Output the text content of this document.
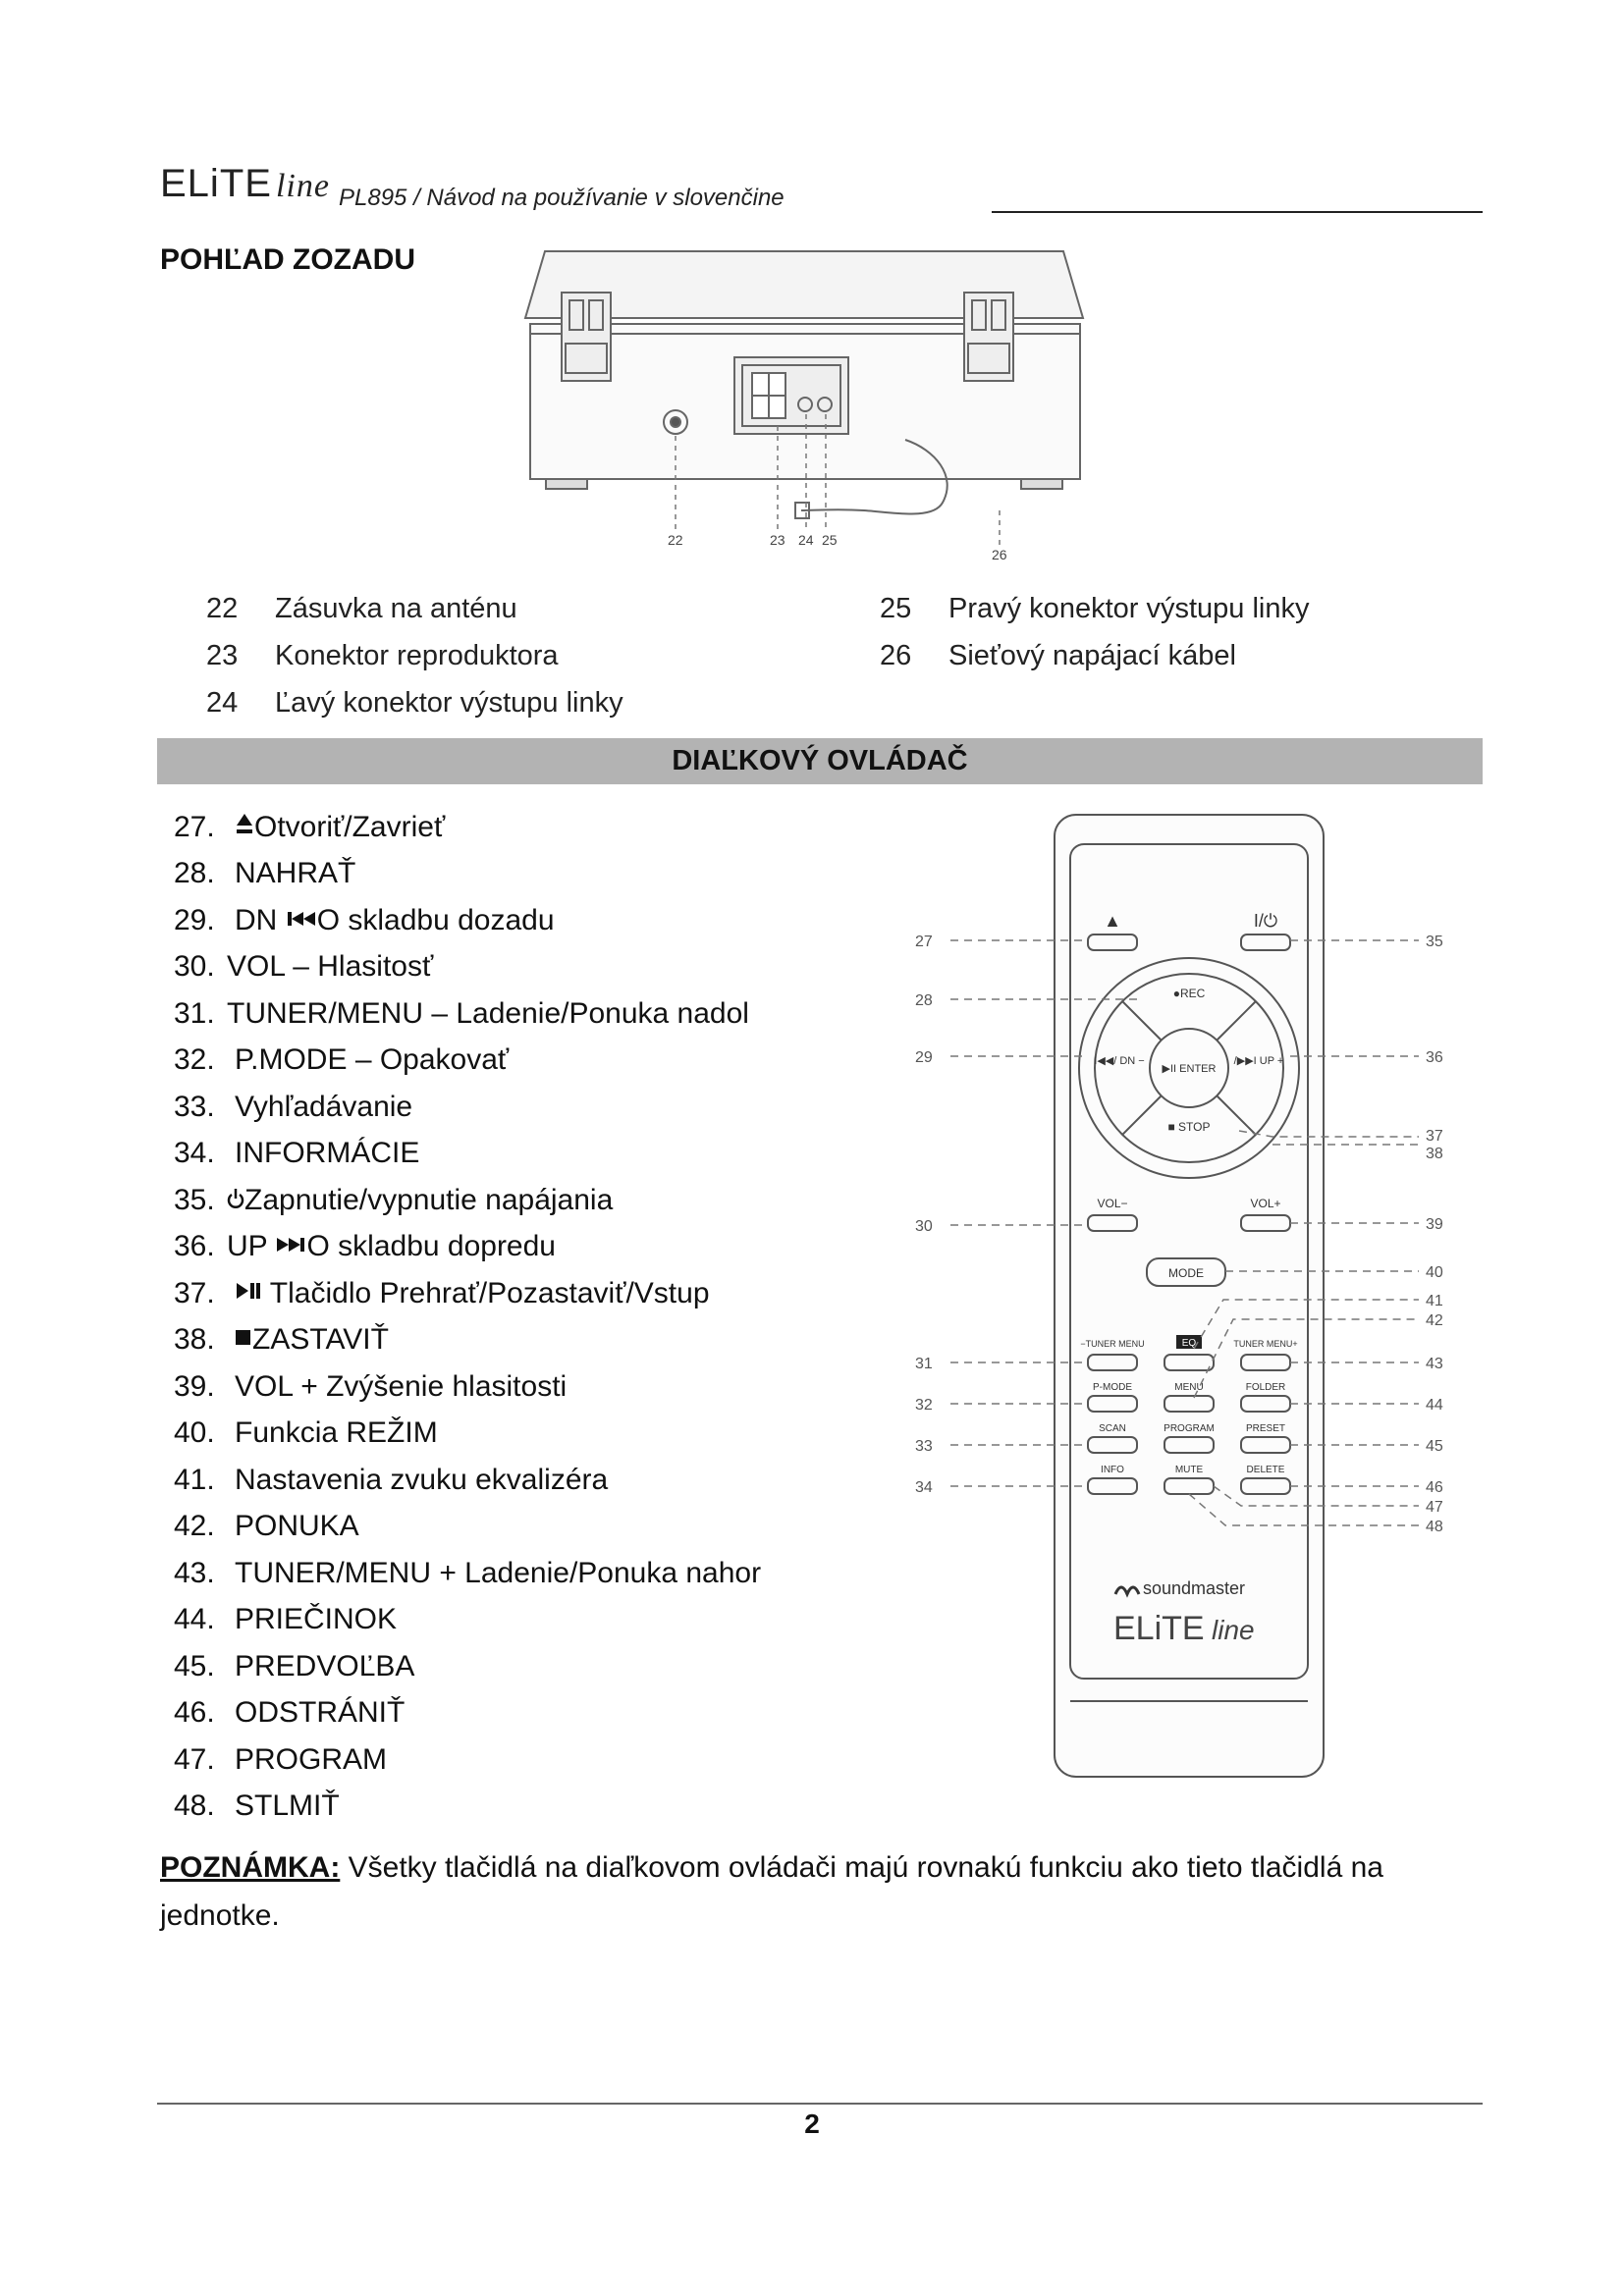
ELiTE line PL895 / Návod na používanie v slovenčine
POHĽAD ZOZADU
22	23 24 25
26
22 Zásuvka na anténu
23 Konektor reproduktora
24 Ľavý konektor výstupu linky
25 Pravý konektor výstupu linky
26 Sieťový napájací kábel
DIAĽKOVÝ OVLÁDAČ
27. Otvoriť/Zavrieť
28. NAHRAŤ
29. DN O skladbu dozadu
30. VOL – Hlasitosť
31. TUNER/MENU – Ladenie/Ponuka nadol
32. P.MODE – Opakovať
33. Vyhľadávanie
34. INFORMÁCIE
35. Zapnutie/vypnutie napájania
36. UP O skladbu dopredu
37. Tlačidlo Prehrať/Pozastaviť/Vstup
38. ZASTAVIŤ
39. VOL + Zvýšenie hlasitosti
40. Funkcia REŽIM
41. Nastavenia zvuku ekvalizéra
42. PONUKA
43. TUNER/MENU + Ladenie/Ponuka nahor
44. PRIEČINOK
45. PREDVOĽBA
46. ODSTRÁNIŤ
47. PROGRAM
48. STLMIŤ
▲	I/⏻
●REC
I◀◀/ DN −
▶II ENTER
/▶▶I UP +
■ STOP
VOL−	VOL+
MODE
−TUNER MENU	EQ	TUNER MENU+
P-MODE	MENU	FOLDER
SCAN	PROGRAM	PRESET
INFO	MUTE	DELETE
soundmaster
ELiTE line
27
28
29
30
31
32
33
34
35
36
37
38
39
40
41
42
43
44
45
46
47
48
POZNÁMKA: Všetky tlačidlá na diaľkovom ovládači majú rovnakú funkciu ako tieto tlačidlá na jednotke.
2
